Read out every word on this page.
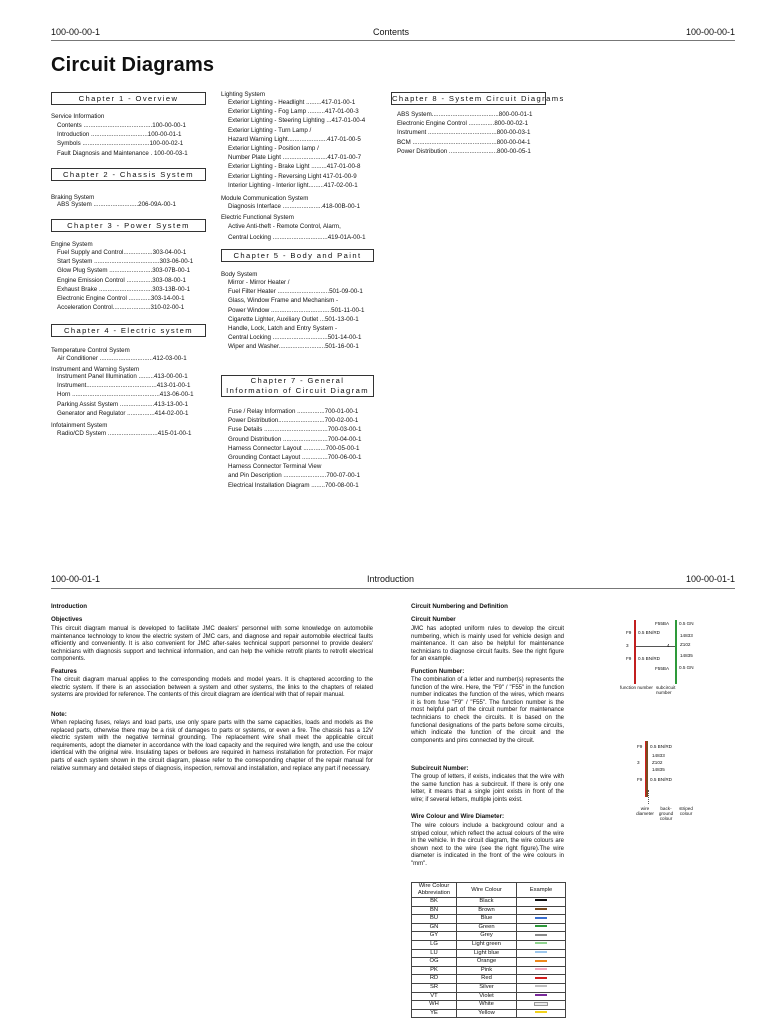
100-00-00-1	Contents	100-00-00-1
Circuit Diagrams
Chapter 1 - Overview
Service Information
Contents ........................................100-00-00-1
Introduction .................................100-00-01-1
Symbols .......................................100-00-02-1
Fault Diagnosis and Maintenance . 100-00-03-1
Chapter 2 - Chassis System
Braking System
ABS System ..........................206-09A-00-1
Chapter 3 - Power System
Engine System
Fuel Supply and Control.................303-04-00-1
Start System ......................................303-06-00-1
Glow Plug System .........................303-07B-00-1
Engine Emission Control ...............303-08-00-1
Exhaust Brake ...............................303-13B-00-1
Electronic Engine Control .............303-14-00-1
Acceleration Control......................310-02-00-1
Chapter 4 - Electric system
Temperature Control System
Air Conditioner ...............................412-03-00-1
Instrument and Warning System
Instrument Panel Illumination .........413-00-00-1
Instrument.........................................413-01-00-1
Horn ...................................................413-06-00-1
Parking Assist System ....................413-13-00-1
Generator and Regulator ................414-02-00-1
Infotainment System
Radio/CD System .............................415-01-00-1
Lighting System
Exterior Lighting - Headlight .........417-01-00-1
Exterior Lighting - Fog Lamp ..........417-01-00-3
Exterior Lighting - Steering Lighting ...417-01-00-4
Exterior Lighting - Turn Lamp /
Hazard Warning Light.......................417-01-00-5
Exterior Lighting - Position lamp /
Number Plate Light ..........................417-01-00-7
Exterior Lighting - Brake Light .........417-01-00-8
Exterior Lighting - Reversing Light 417-01-00-9
Interior Lighting - Interior light.........417-02-00-1
Module Communication System
Diagnosis Interface .......................418-00B-00-1
Electric Functional System
Active Anti-theft - Remote Control, Alarm,
Central Locking ................................419-01A-00-1
Chapter 5 - Body and Paint
Body System
Mirror - Mirror Heater /
Fuel Filter Heater ..............................501-09-00-1
Glass, Window Frame and Mechanism -
Power Window ...................................501-11-00-1
Cigarette Lighter, Auxiliary Outlet ...501-13-00-1
Handle, Lock, Latch and Entry System -
Central Locking ................................501-14-00-1
Wiper and Washer...........................501-16-00-1
Chapter 7 - General Information of Circuit Diagram
Fuse / Relay Information ................700-01-00-1
Power Distribution...........................700-02-00-1
Fuse Details .....................................700-03-00-1
Ground Distribution ..........................700-04-00-1
Harness Connector Layout .............700-05-00-1
Grounding Contact Layout ...............700-06-00-1
Harness Connector Terminal View
and Pin Description .........................700-07-00-1
Electrical Installation Diagram ........700-08-00-1
Chapter 8 - System Circuit Diagrams
ABS System.......................................800-00-01-1
Electronic Engine Control ...............800-00-02-1
Instrument ........................................800-00-03-1
BCM .................................................800-00-04-1
Power Distribution ............................800-00-05-1
100-00-01-1	Introduction	100-00-01-1
Introduction
Objectives
This circuit diagram manual is developed to facilitate JMC dealers' personnel with some knowledge on automobile maintenance technology to know the electric system of JMC cars, and diagnose and repair automobile electrical faults efficiently and conveniently. It is also convenient for JMC after-sales technical support personnel to provide dealers' technicians with diagnosis support and technical information, and can help the vehicle retrofit plants to retrofit electrical components.
Features
The circuit diagram manual applies to the corresponding models and model years. It is chaptered according to the electric system. If there is an association between a system and other systems, the links to the chapters of related systems are provided for reference. The contents of this circuit diagram are identical with that of repair manual.
Note:
When replacing fuses, relays and load parts, use only spare parts with the same capacities, loads and models as the replaced parts, otherwise there may be a risk of damages to parts or systems, or even a fire. The chassis has a 12V electric system with the negative terminal grounding. The replacement wire shall meet the applicable circuit requirements, adopt the diameter in accordance with the load capacity and the required wire length, and use the colour identical with the original wire. Insulating tapes or bellows are required in harness installation for protection. For major parts of each system shown in the circuit diagram, please refer to the corresponding chapter of the repair manual for relative summary and detailed steps of diagnosis, inspection, removal and installation, and replace any part if necessary.
Circuit Numbering and Definition
Circuit Number
JMC has adopted uniform rules to develop the circuit numbering, which is mainly used for vehicle design and maintenance. It can also be helpful for maintenance technicians to diagnose circuit faults. See the right figure for an example.
Function Number:
The combination of a letter and number(s) represents the function of the wire. Here, the "F9" / "F55" in the function number indicates the function of the wires, which means it is from fuse "F9" / "F55". The function number is the most helpful part of the circuit number for maintenance technicians to check the circuits. It is based on the functional designations of the parts before some circuits, which indicate the function of the circuit and the components and pins connected by the circuit.
Subcircuit Number:
The group of letters, if exists, indicates that the wire with the same function has a subcircuit. If there is only one letter, it means that a single joint exists in front of the wire; if several letters, multiple joints exist.
Wire Colour and Wire Diameter:
The wire colours include a background colour and a striped colour, which reflect the actual colours of the wire in the vehicle. In the circuit diagram, the wire colours are shown next to the wire (see the right figure).The wire diameter is indicated in the front of the wire colours in "mm".
Wire Colour Abbreviation	Wire Colour	Example
BK	Black	
BN	Brown	
BU	Blue	
GN	Green	
GY	Grey	
LG	Light green	
LU	Light blue	
OG	Orange	
PK	Pink	
RD	Red	
SR	Silver	
VT	Violet	
WH	White	
YE	Yellow	
F55BA 0.5 GN
F9 0.5 BN/RD
14833
3	4 Z102
14835
F9 0.5 BN/RD
0.5 GN
F55BA
function number subcircuit number
F9 0.5 BN/RD
14833
3	Z102
14835
F9 0.5 BN/RD
wire diameter
back-ground colour
striped colour
